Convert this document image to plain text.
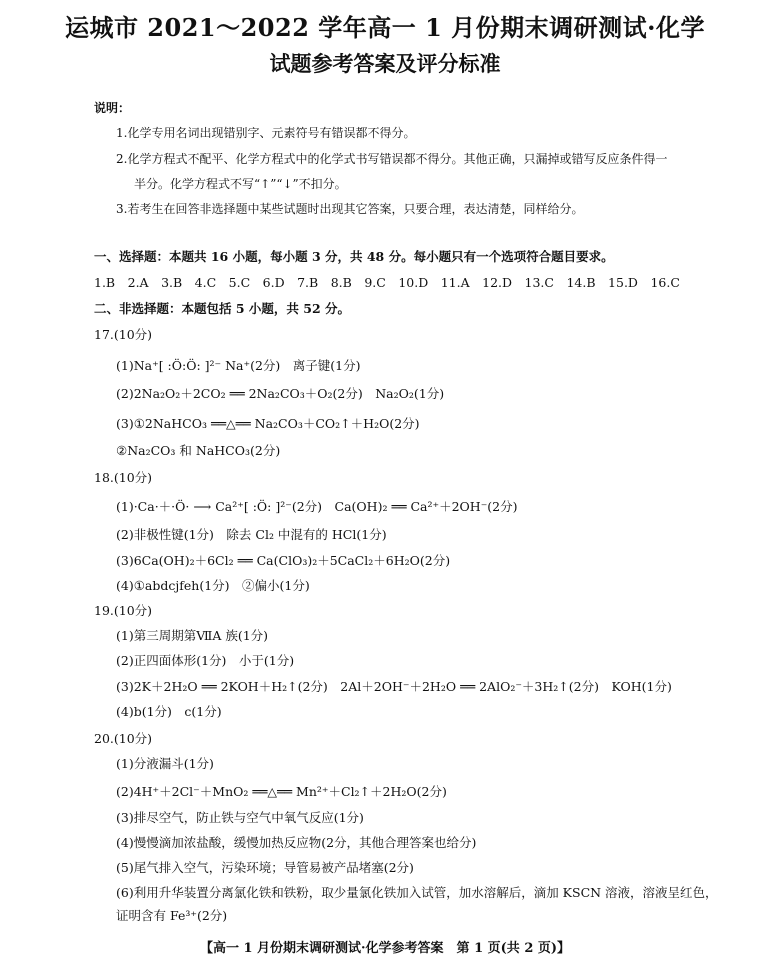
运城市 2021～2022 学年高一 1 月份期末调研测试·化学
试题参考答案及评分标准
说明：
1.化学专用名词出现错别字、元素符号有错误都不得分。
2.化学方程式不配平、化学方程式中的化学式书写错误都不得分。其他正确，只漏掉或错写反应条件得一
半分。化学方程式不写“↑”“↓”不扣分。
3.若考生在回答非选择题中某些试题时出现其它答案，只要合理，表达清楚，同样给分。
一、选择题：本题共 16 小题，每小题 3 分，共 48 分。每小题只有一个选项符合题目要求。
1.B　2.A　3.B　4.C　5.C　6.D　7.B　8.B　9.C　10.D　11.A　12.D　13.C　14.B　15.D　16.C
二、非选择题：本题包括 5 小题，共 52 分。
17.(10分)
(1)Na⁺[ :Ö:Ö: ]²⁻ Na⁺(2分)　离子键(1分)
(2)2Na₂O₂＋2CO₂ ══ 2Na₂CO₃＋O₂(2分)　Na₂O₂(1分)
(3)①2NaHCO₃ ══△══ Na₂CO₃＋CO₂↑＋H₂O(2分)
②Na₂CO₃ 和 NaHCO₃(2分)
18.(10分)
(1)·Ca·＋·Ö· ⟶ Ca²⁺[ :Ö: ]²⁻(2分)　Ca(OH)₂ ══ Ca²⁺＋2OH⁻(2分)
(2)非极性键(1分)　除去 Cl₂ 中混有的 HCl(1分)
(3)6Ca(OH)₂＋6Cl₂ ══ Ca(ClO₃)₂＋5CaCl₂＋6H₂O(2分)
(4)①abdcjfeh(1分)　②偏小(1分)
19.(10分)
(1)第三周期第ⅦA 族(1分)
(2)正四面体形(1分)　小于(1分)
(3)2K＋2H₂O ══ 2KOH＋H₂↑(2分)　2Al＋2OH⁻＋2H₂O ══ 2AlO₂⁻＋3H₂↑(2分)　KOH(1分)
(4)b(1分)　c(1分)
20.(10分)
(1)分液漏斗(1分)
(2)4H⁺＋2Cl⁻＋MnO₂ ══△══ Mn²⁺＋Cl₂↑＋2H₂O(2分)
(3)排尽空气，防止铁与空气中氧气反应(1分)
(4)慢慢滴加浓盐酸，缓慢加热反应物(2分，其他合理答案也给分)
(5)尾气排入空气，污染环境；导管易被产品堵塞(2分)
(6)利用升华装置分离氯化铁和铁粉，取少量氯化铁加入试管，加水溶解后，滴加 KSCN 溶液，溶液呈红色，
证明含有 Fe³⁺(2分)
【高一 1 月份期末调研测试·化学参考答案　第 1 页(共 2 页)】
